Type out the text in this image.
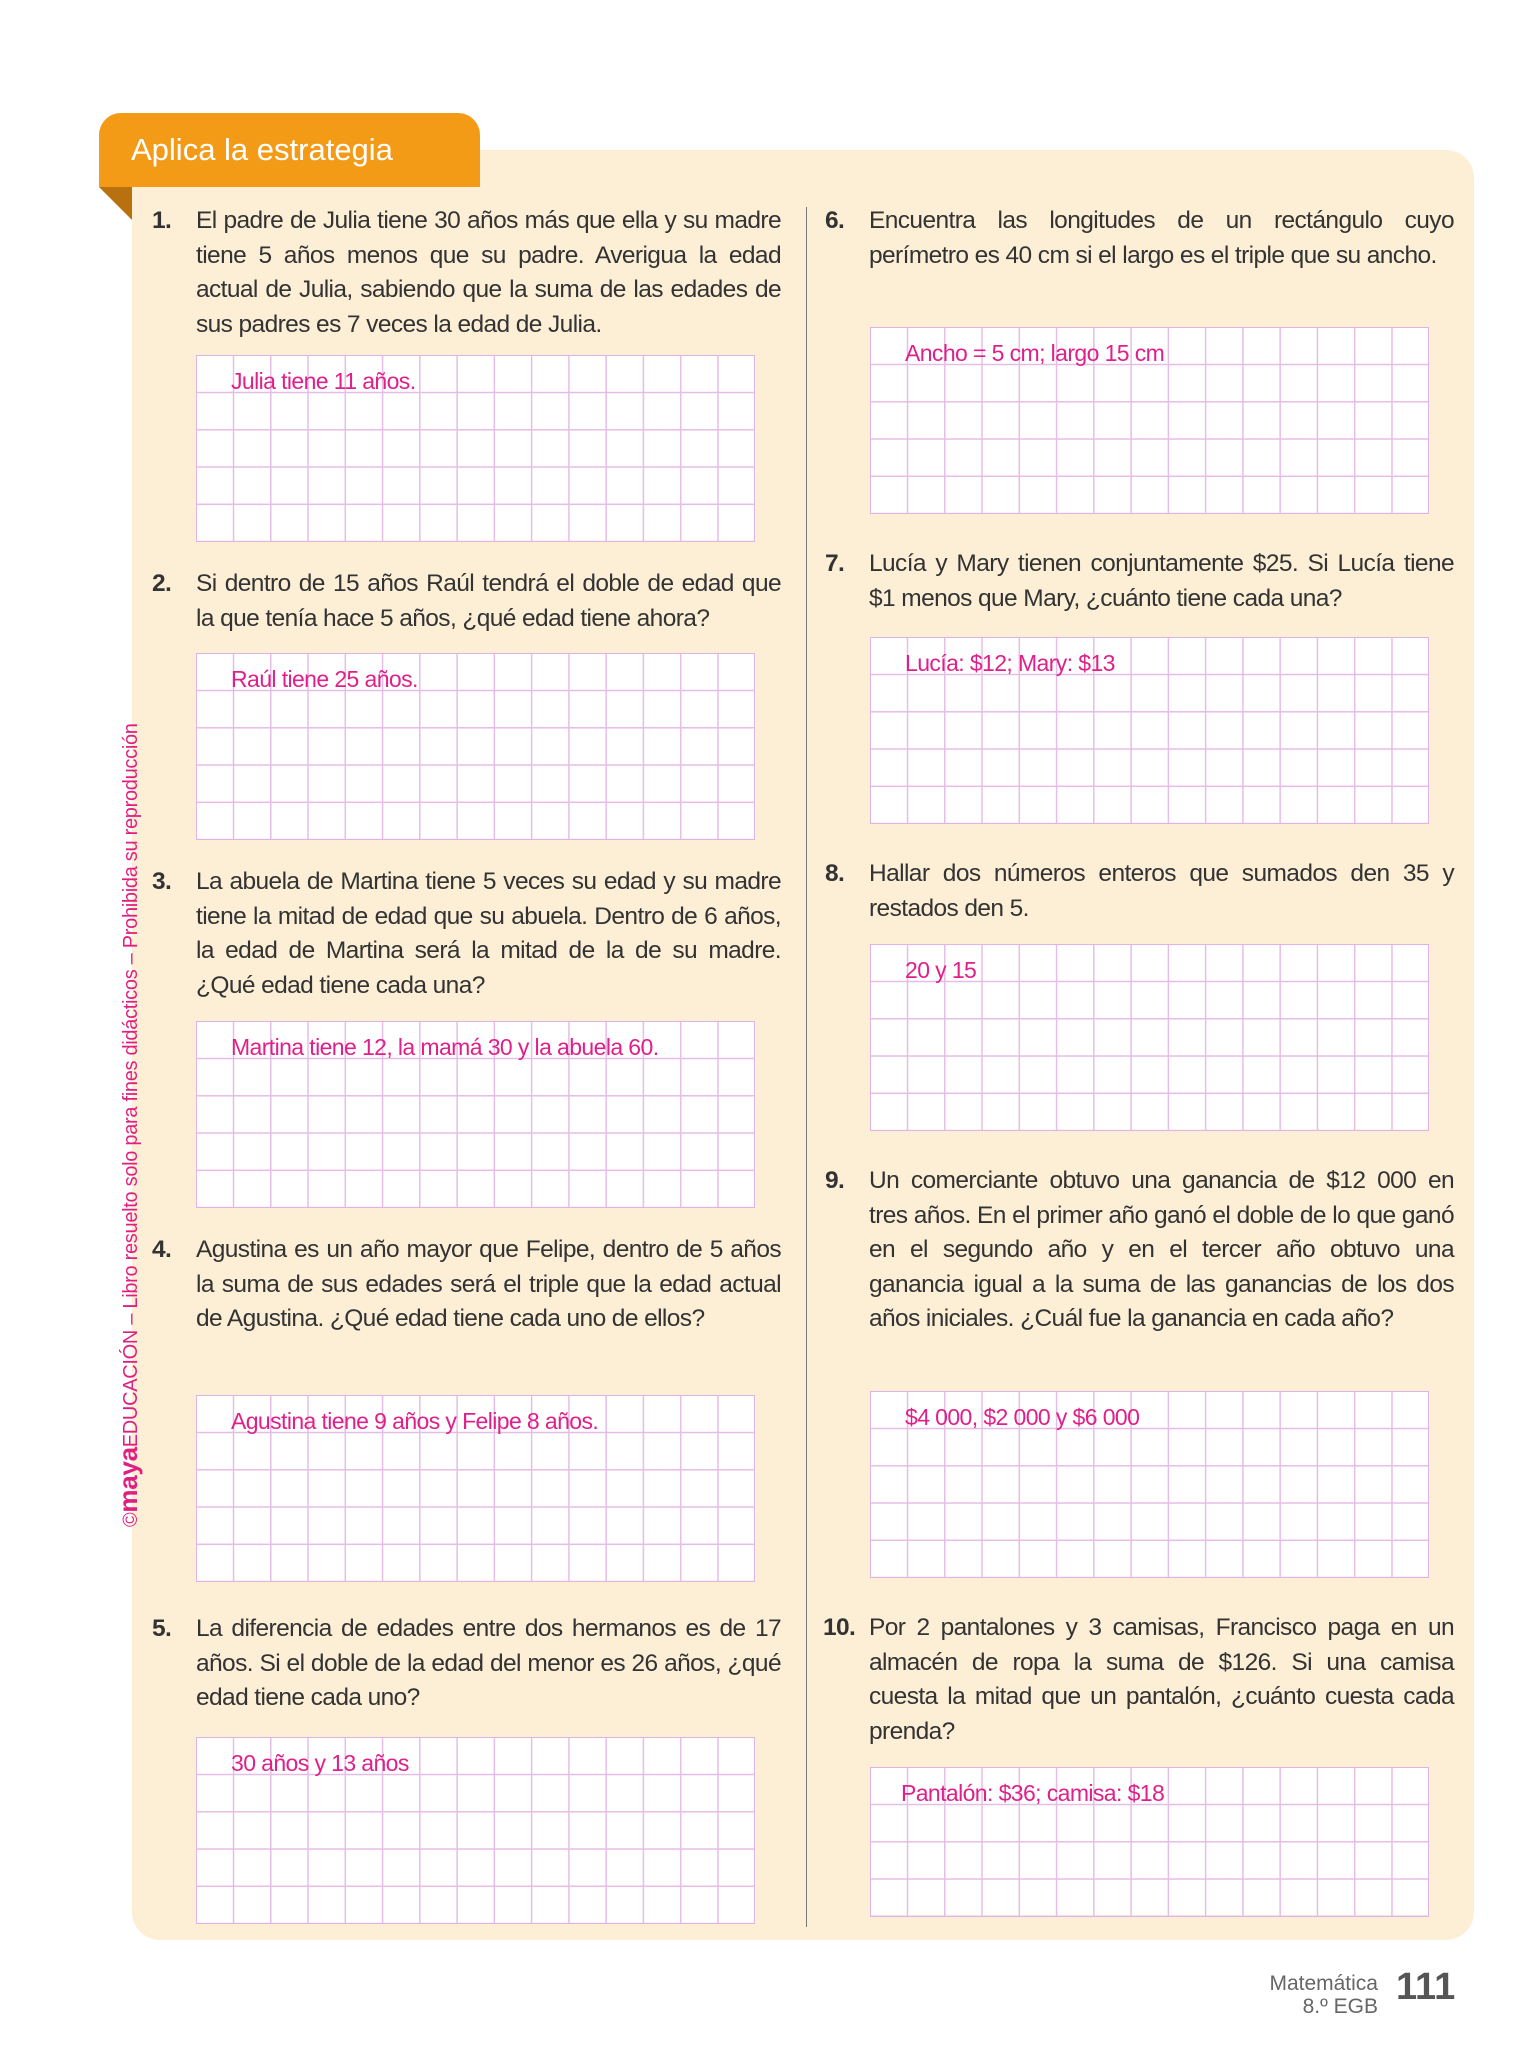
Aplica la estrategia
©mayaEDUCACIÓN – Libro resuelto solo para fines didácticos – Prohibida su reproducción
1. El padre de Julia tiene 30 años más que ella y su madre tiene 5 años menos que su padre. Averigua la edad actual de Julia, sabiendo que la suma de las edades de sus padres es 7 veces la edad de Julia.
Julia tiene 11 años.
2. Si dentro de 15 años Raúl tendrá el doble de edad que la que tenía hace 5 años, ¿qué edad tiene ahora?
Raúl tiene 25 años.
3. La abuela de Martina tiene 5 veces su edad y su madre tiene la mitad de edad que su abuela. Dentro de 6 años, la edad de Martina será la mitad de la de su madre. ¿Qué edad tiene cada una?
Martina tiene 12, la mamá 30 y la abuela 60.
4. Agustina es un año mayor que Felipe, dentro de 5 años la suma de sus edades será el triple que la edad actual de Agustina. ¿Qué edad tiene cada uno de ellos?
Agustina tiene 9 años y Felipe 8 años.
5. La diferencia de edades entre dos hermanos es de 17 años. Si el doble de la edad del menor es 26 años, ¿qué edad tiene cada uno?
30 años y 13 años
6. Encuentra las longitudes de un rectángulo cuyo perímetro es 40 cm si el largo es el triple que su ancho.
Ancho = 5 cm; largo 15 cm
7. Lucía y Mary tienen conjuntamente $25. Si Lucía tiene $1 menos que Mary, ¿cuánto tiene cada una?
Lucía: $12; Mary: $13
8. Hallar dos números enteros que sumados den 35 y restados den 5.
20 y 15
9. Un comerciante obtuvo una ganancia de $12 000 en tres años. En el primer año ganó el doble de lo que ganó en el segundo año y en el tercer año obtuvo una ganancia igual a la suma de las ganancias de los dos años iniciales. ¿Cuál fue la ganancia en cada año?
$4 000, $2 000 y $6 000
10. Por 2 pantalones y 3 camisas, Francisco paga en un almacén de ropa la suma de $126. Si una camisa cuesta la mitad que un pantalón, ¿cuánto cuesta cada prenda?
Pantalón: $36; camisa: $18
Matemática
8.º EGB 111
